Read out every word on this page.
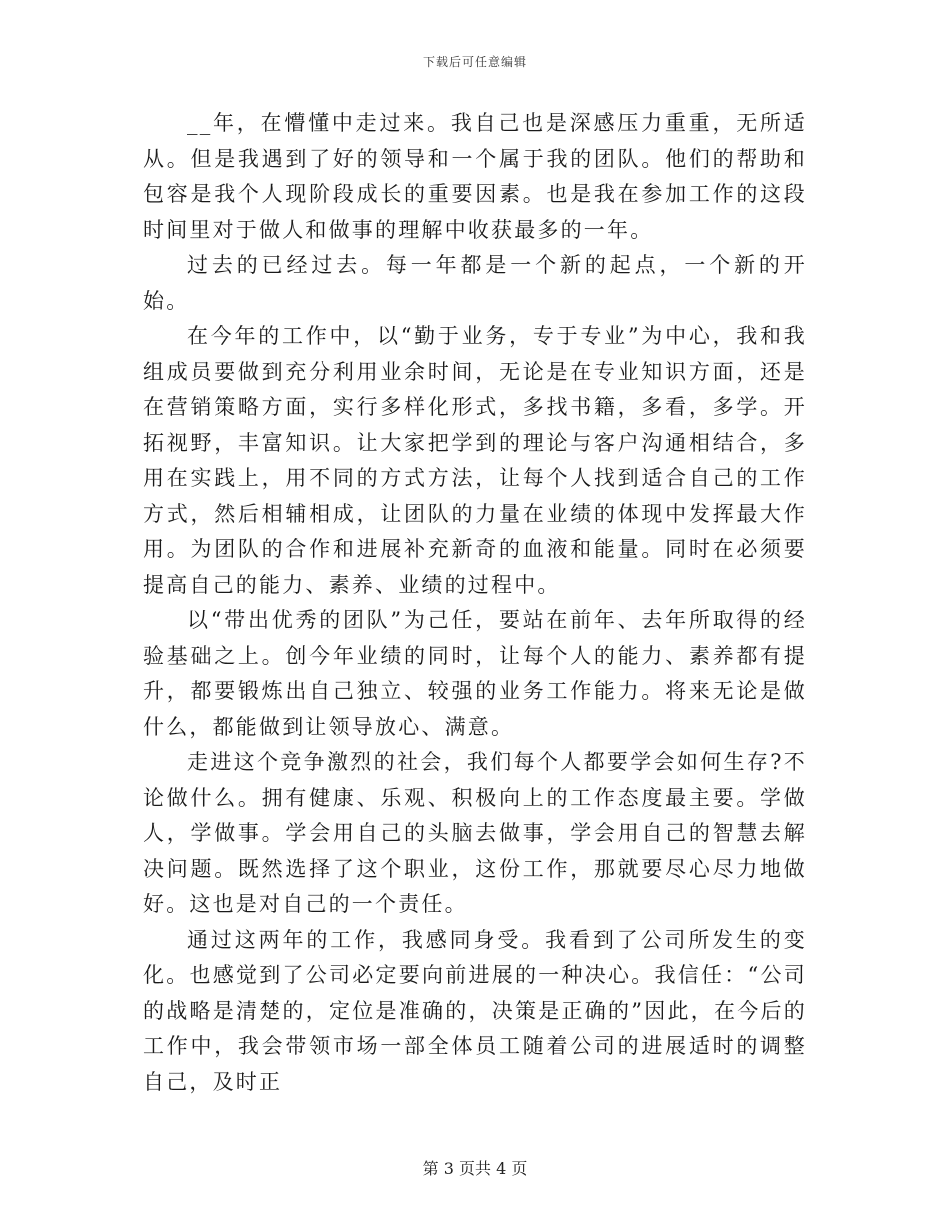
下载后可任意编辑

__年，在懵懂中走过来。我自己也是深感压力重重，无所适从。但是我遇到了好的领导和一个属于我的团队。他们的帮助和包容是我个人现阶段成长的重要因素。也是我在参加工作的这段时间里对于做人和做事的理解中收获最多的一年。

过去的已经过去。每一年都是一个新的起点，一个新的开始。

在今年的工作中，以“勤于业务，专于专业”为中心，我和我组成员要做到充分利用业余时间，无论是在专业知识方面，还是在营销策略方面，实行多样化形式，多找书籍，多看，多学。开拓视野，丰富知识。让大家把学到的理论与客户沟通相结合，多用在实践上，用不同的方式方法，让每个人找到适合自己的工作方式，然后相辅相成，让团队的力量在业绩的体现中发挥最大作用。为团队的合作和进展补充新奇的血液和能量。同时在必须要提高自己的能力、素养、业绩的过程中。

以“带出优秀的团队”为己任，要站在前年、去年所取得的经验基础之上。创今年业绩的同时，让每个人的能力、素养都有提升，都要锻炼出自己独立、较强的业务工作能力。将来无论是做什么，都能做到让领导放心、满意。

走进这个竞争激烈的社会，我们每个人都要学会如何生存?不论做什么。拥有健康、乐观、积极向上的工作态度最主要。学做人，学做事。学会用自己的头脑去做事，学会用自己的智慧去解决问题。既然选择了这个职业，这份工作，那就要尽心尽力地做好。这也是对自己的一个责任。

通过这两年的工作，我感同身受。我看到了公司所发生的变化。也感觉到了公司必定要向前进展的一种决心。我信任：“公司的战略是清楚的，定位是准确的，决策是正确的”因此，在今后的工作中，我会带领市场一部全体员工随着公司的进展适时的调整自己，及时正

第 3 页共 4 页
